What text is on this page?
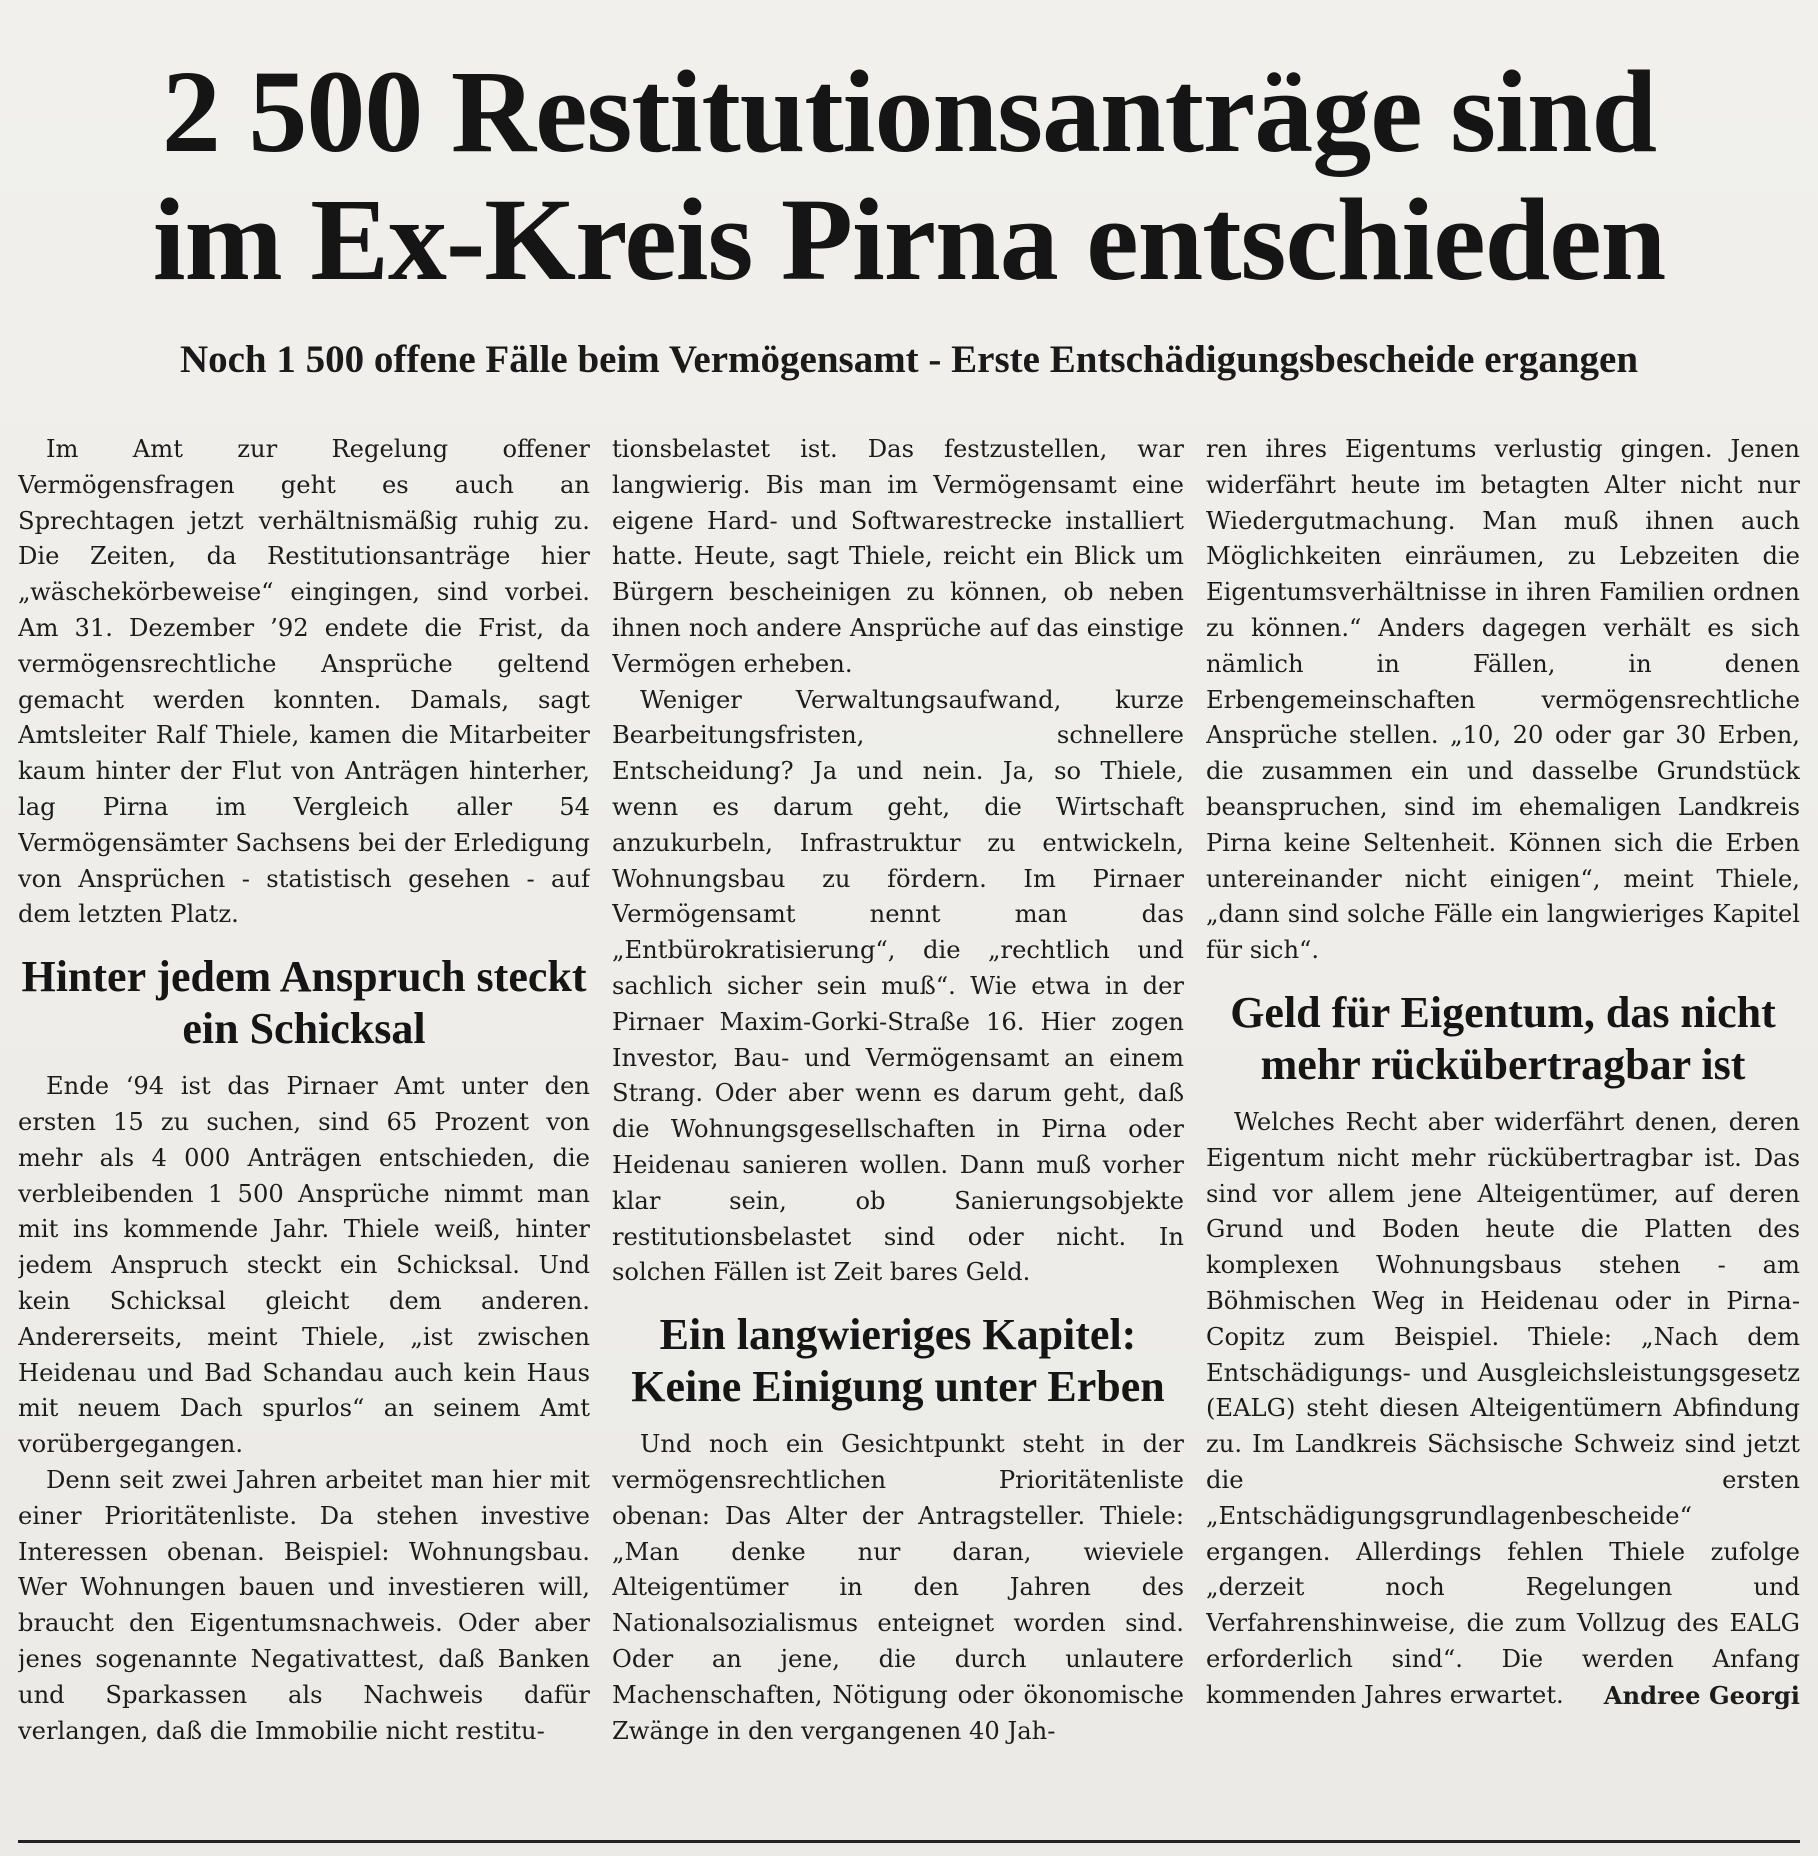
2 500 Restitutionsanträge sind
im Ex-Kreis Pirna entschieden
Noch 1 500 offene Fälle beim Vermögensamt - Erste Entschädigungsbescheide ergangen

Im Amt zur Regelung offener Vermögensfragen geht es auch an Sprechtagen jetzt verhältnismäßig ruhig zu. Die Zeiten, da Restitutionsanträge hier „wäschekörbeweise“ eingingen, sind vorbei. Am 31. Dezember ’92 endete die Frist, da vermögensrechtliche Ansprüche geltend gemacht werden konnten. Damals, sagt Amtsleiter Ralf Thiele, kamen die Mitarbeiter kaum hinter der Flut von Anträgen hinterher, lag Pirna im Vergleich aller 54 Vermögensämter Sachsens bei der Erledigung von Ansprüchen - statistisch gesehen - auf dem letzten Platz.

Hinter jedem Anspruch steckt ein Schicksal

Ende ‘94 ist das Pirnaer Amt unter den ersten 15 zu suchen, sind 65 Prozent von mehr als 4 000 Anträgen entschieden, die verbleibenden 1 500 Ansprüche nimmt man mit ins kommende Jahr. Thiele weiß, hinter jedem Anspruch steckt ein Schicksal. Und kein Schicksal gleicht dem anderen. Andererseits, meint Thiele, „ist zwischen Heidenau und Bad Schandau auch kein Haus mit neuem Dach spurlos“ an seinem Amt vorübergegangen.

Denn seit zwei Jahren arbeitet man hier mit einer Prioritätenliste. Da stehen investive Interessen obenan. Beispiel: Wohnungsbau. Wer Wohnungen bauen und investieren will, braucht den Eigentumsnachweis. Oder aber jenes sogenannte Negativattest, daß Banken und Sparkassen als Nachweis dafür verlangen, daß die Immobilie nicht restitu-

tionsbelastet ist. Das festzustellen, war langwierig. Bis man im Vermögensamt eine eigene Hard- und Softwarestrecke installiert hatte. Heute, sagt Thiele, reicht ein Blick um Bürgern bescheinigen zu können, ob neben ihnen noch andere Ansprüche auf das einstige Vermögen erheben.

Weniger Verwaltungsaufwand, kurze Bearbeitungsfristen, schnellere Entscheidung? Ja und nein. Ja, so Thiele, wenn es darum geht, die Wirtschaft anzukurbeln, Infrastruktur zu entwickeln, Wohnungsbau zu fördern. Im Pirnaer Vermögensamt nennt man das „Entbürokratisierung“, die „rechtlich und sachlich sicher sein muß“. Wie etwa in der Pirnaer Maxim-Gorki-Straße 16. Hier zogen Investor, Bau- und Vermögensamt an einem Strang. Oder aber wenn es darum geht, daß die Wohnungsgesellschaften in Pirna oder Heidenau sanieren wollen. Dann muß vorher klar sein, ob Sanierungsobjekte restitutionsbelastet sind oder nicht. In solchen Fällen ist Zeit bares Geld.

Ein langwieriges Kapitel: Keine Einigung unter Erben

Und noch ein Gesichtpunkt steht in der vermögensrechtlichen Prioritätenliste obenan: Das Alter der Antragsteller. Thiele: „Man denke nur daran, wieviele Alteigentümer in den Jahren des Nationalsozialismus enteignet worden sind. Oder an jene, die durch unlautere Machenschaften, Nötigung oder ökonomische Zwänge in den vergangenen 40 Jah-

ren ihres Eigentums verlustig gingen. Jenen widerfährt heute im betagten Alter nicht nur Wiedergutmachung. Man muß ihnen auch Möglichkeiten einräumen, zu Lebzeiten die Eigentumsverhältnisse in ihren Familien ordnen zu können.“ Anders dagegen verhält es sich nämlich in Fällen, in denen Erbengemeinschaften vermögensrechtliche Ansprüche stellen. „10, 20 oder gar 30 Erben, die zusammen ein und dasselbe Grundstück beanspruchen, sind im ehemaligen Landkreis Pirna keine Seltenheit. Können sich die Erben untereinander nicht einigen“, meint Thiele, „dann sind solche Fälle ein langwieriges Kapitel für sich“.

Geld für Eigentum, das nicht mehr rückübertragbar ist

Welches Recht aber widerfährt denen, deren Eigentum nicht mehr rückübertragbar ist. Das sind vor allem jene Alteigentümer, auf deren Grund und Boden heute die Platten des komplexen Wohnungsbaus stehen - am Böhmischen Weg in Heidenau oder in Pirna-Copitz zum Beispiel. Thiele: „Nach dem Entschädigungs- und Ausgleichsleistungsgesetz (EALG) steht diesen Alteigentümern Abfindung zu. Im Landkreis Sächsische Schweiz sind jetzt die ersten „Entschädigungsgrundlagenbescheide“ ergangen. Allerdings fehlen Thiele zufolge „derzeit noch Regelungen und Verfahrenshinweise, die zum Vollzug des EALG erforderlich sind“. Die werden Anfang kommenden Jahres erwartet.	Andree Georgi
